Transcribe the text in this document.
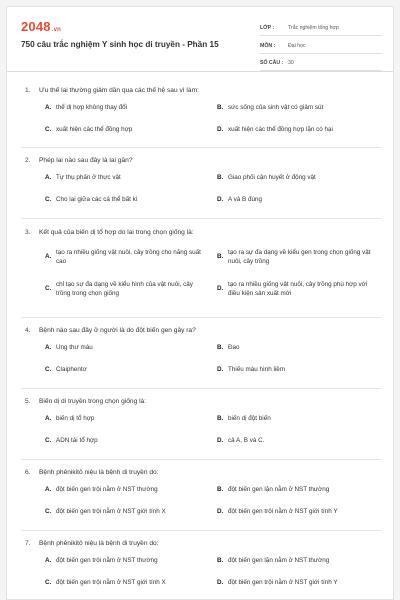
2048.vn
750 câu trắc nghiệm Y sinh học di truyền - Phần 15
LỚP :	Trắc nghiệm tổng hợp
MÔN :	Đại học
SỐ CÂU : 30
1.	Ưu thế lai thường giảm dần qua các thế hệ sau vì làm:
A. thể dị hợp không thay đổi	B. sức sống của sinh vật có giảm sút
C. xuất hiện các thể đồng hợp	D. xuất hiện các thể đồng hợp lặn có hại
2.	Phép lai nào sau đây là lai gần?
A. Tự thụ phấn ở thực vật	B. Giao phối cận huyết ở động vật
C. Cho lai giữa các cá thể bất kì	D. A và B đúng
3.	Kết quả của biến dị tổ hợp do lai trong chọn giống là:
A.
tạo ra nhiều giống vật nuôi, cây trồng cho năng suất cao
B.
tạo ra sự đa dạng về kiểu gen trong chọn giống vật nuôi, cây trồng
C.
chỉ tạo sự đa dạng về kiểu hình của vật nuôi, cây trồng trong chọn giống
D.
tạo ra nhiều giống vật nuôi, cây trồng phù hợp với điều kiện sản xuất mới
4.	Bệnh nào sau đây ở người là do đột biến gen gây ra?
A. Ung thư máu	B. Đao
C. Claiphentơ	D. Thiếu máu hình liềm
5.	Biến dị di truyền trong chọn giống là:
A. biến dị tổ hợp	B. biến dị đột biến
C. ADN tái tổ hợp	D. cả A, B và C.
6.	Bệnh phênikitô niệu là bệnh di truyền do:
A. đột biến gen trội nằm ở NST thường	B. đột biến gen lặn nằm ở NST thường
C. đột biến gen trội nằm ở NST giới tính X	D. đột biến gen trội nằm ở NST giới tính Y
7.	Bệnh phênikitô niệu là bệnh di truyền do:
A. đột biến gen trội nằm ở NST thường	B. đột biến gen lặn nằm ở NST thường
C. đột biến gen trội nằm ở NST giới tính X	D. đột biến gen trội nằm ở NST giới tính Y
